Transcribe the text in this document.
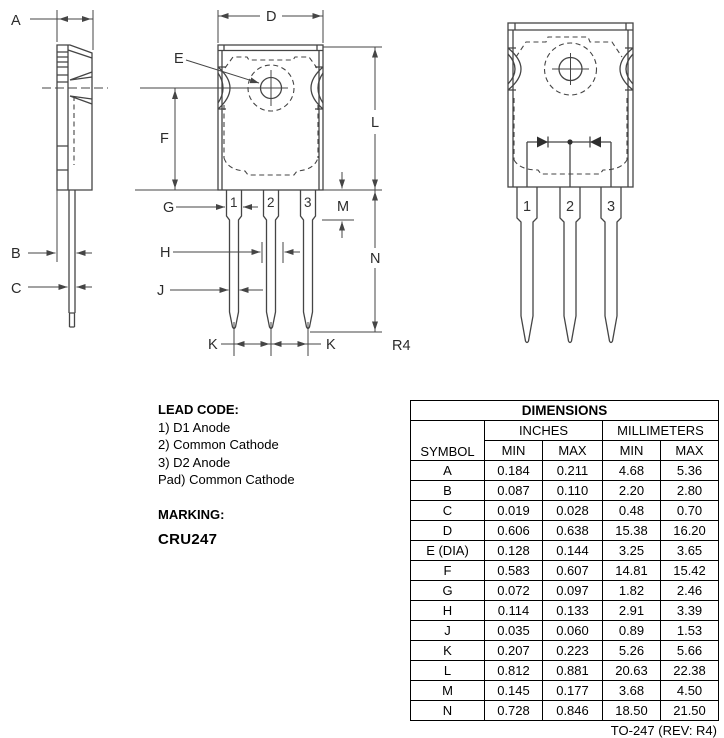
A
B
C
1 2 3
D
E
F
L
G
H
J
M
N
K	K	R4
1 2 3
LEAD CODE:
1) D1 Anode
2) Common Cathode
3) D2 Anode
Pad) Common Cathode
MARKING:
CRU247
DIMENSIONS				
SYMBOL	INCHES		MILLIMETERS	
	MIN	MAX	MIN	MAX
A	0.184	0.211	4.68	5.36
B	0.087	0.110	2.20	2.80
C	0.019	0.028	0.48	0.70
D	0.606	0.638	15.38	16.20
E (DIA)	0.128	0.144	3.25	3.65
F	0.583	0.607	14.81	15.42
G	0.072	0.097	1.82	2.46
H	0.114	0.133	2.91	3.39
J	0.035	0.060	0.89	1.53
K	0.207	0.223	5.26	5.66
L	0.812	0.881	20.63	22.38
M	0.145	0.177	3.68	4.50
N	0.728	0.846	18.50	21.50
TO-247 (REV: R4)
